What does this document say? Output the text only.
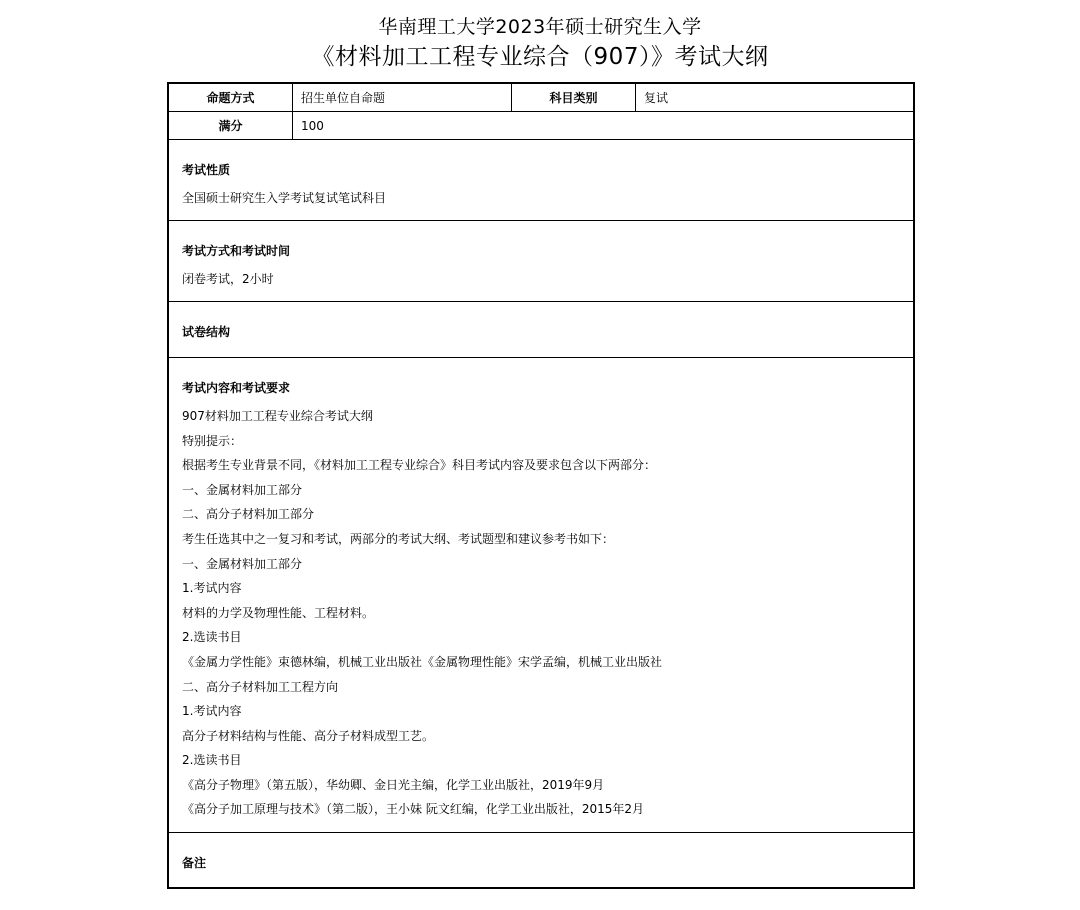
华南理工大学2023年硕士研究生入学
《材料加工工程专业综合（907）》考试大纲
命题方式	招生单位自命题	科目类别	复试
满分	100
考试性质
全国硕士研究生入学考试复试笔试科目
考试方式和考试时间
闭卷考试，2小时
试卷结构
考试内容和考试要求
907材料加工工程专业综合考试大纲
特别提示：
根据考生专业背景不同，《材料加工工程专业综合》科目考试内容及要求包含以下两部分：
一、金属材料加工部分
二、高分子材料加工部分
考生任选其中之一复习和考试，两部分的考试大纲、考试题型和建议参考书如下：
一、金属材料加工部分
1.考试内容
材料的力学及物理性能、工程材料。
2.选读书目
《金属力学性能》束德林编，机械工业出版社《金属物理性能》宋学孟编，机械工业出版社
二、高分子材料加工工程方向
1.考试内容
高分子材料结构与性能、高分子材料成型工艺。
2.选读书目
《高分子物理》（第五版），华幼卿、金日光主编，化学工业出版社，2019年9月
《高分子加工原理与技术》（第二版），王小妹 阮文红编，化学工业出版社，2015年2月
备注
